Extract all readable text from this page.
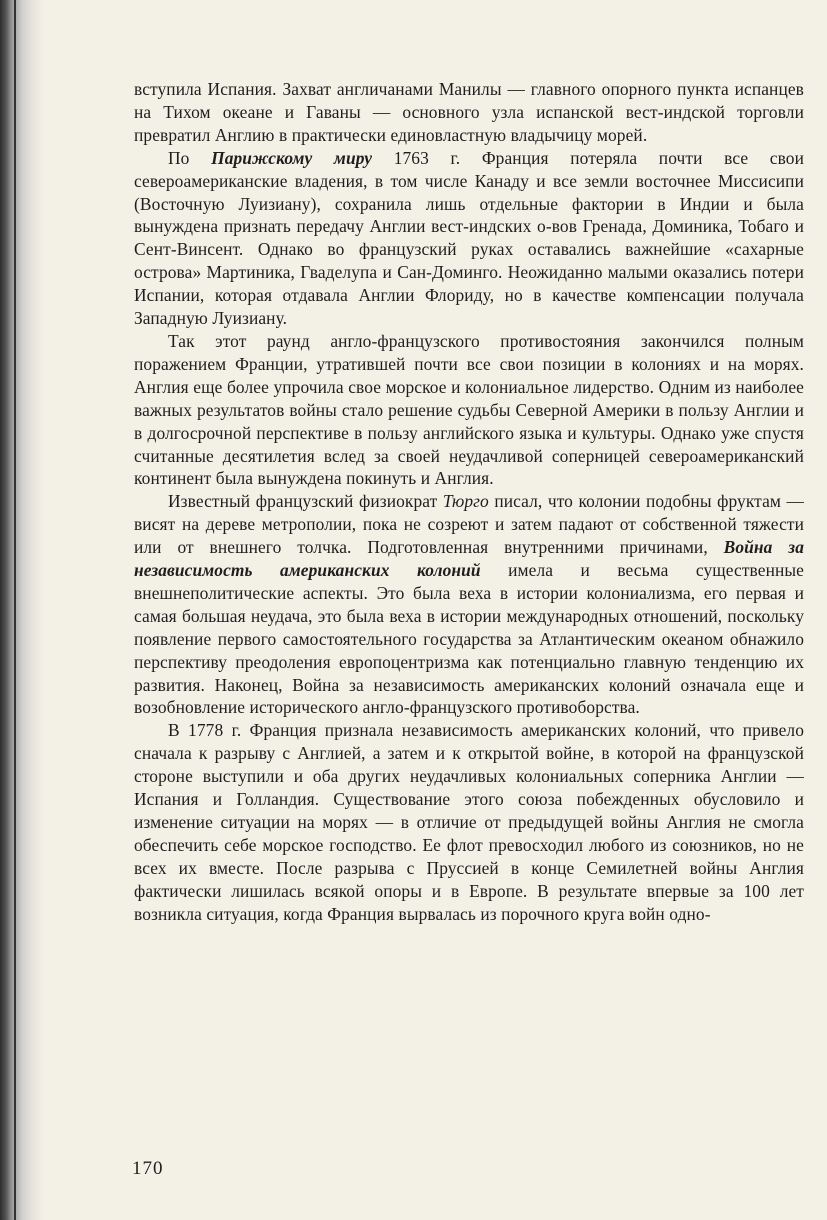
вступила Испания. Захват англичанами Манилы — главного опорного пункта испанцев на Тихом океане и Гаваны — основного узла испанской вест-индской торговли превратил Англию в практически единовластную владычицу морей.

По Парижскому миру 1763 г. Франция потеряла почти все свои североамериканские владения, в том числе Канаду и все земли восточнее Миссисипи (Восточную Луизиану), сохранила лишь отдельные фактории в Индии и была вынуждена признать передачу Англии вест-индских о-вов Гренада, Доминика, Тобаго и Сент-Винсент. Однако во французский руках оставались важнейшие «сахарные острова» Мартиника, Гваделупа и Сан-Доминго. Неожиданно малыми оказались потери Испании, которая отдавала Англии Флориду, но в качестве компенсации получала Западную Луизиану.

Так этот раунд англо-французского противостояния закончился полным поражением Франции, утратившей почти все свои позиции в колониях и на морях. Англия еще более упрочила свое морское и колониальное лидерство. Одним из наиболее важных результатов войны стало решение судьбы Северной Америки в пользу Англии и в долгосрочной перспективе в пользу английского языка и культуры. Однако уже спустя считанные десятилетия вслед за своей неудачливой соперницей североамериканский континент была вынуждена покинуть и Англия.

Известный французский физиократ Тюрго писал, что колонии подобны фруктам — висят на дереве метрополии, пока не созреют и затем падают от собственной тяжести или от внешнего толчка. Подготовленная внутренними причинами, Война за независимость американских колоний имела и весьма существенные внешнеполитические аспекты. Это была веха в истории колониализма, его первая и самая большая неудача, это была веха в истории международных отношений, поскольку появление первого самостоятельного государства за Атлантическим океаном обнажило перспективу преодоления европоцентризма как потенциально главную тенденцию их развития. Наконец, Война за независимость американских колоний означала еще и возобновление исторического англо-французского противоборства.

В 1778 г. Франция признала независимость американских колоний, что привело сначала к разрыву с Англией, а затем и к открытой войне, в которой на французской стороне выступили и оба других неудачливых колониальных соперника Англии — Испания и Голландия. Существование этого союза побежденных обусловило и изменение ситуации на морях — в отличие от предыдущей войны Англия не смогла обеспечить себе морское господство. Ее флот превосходил любого из союзников, но не всех их вместе. После разрыва с Пруссией в конце Семилетней войны Англия фактически лишилась всякой опоры и в Европе. В результате впервые за 100 лет возникла ситуация, когда Франция вырвалась из порочного круга войн одно-

170
